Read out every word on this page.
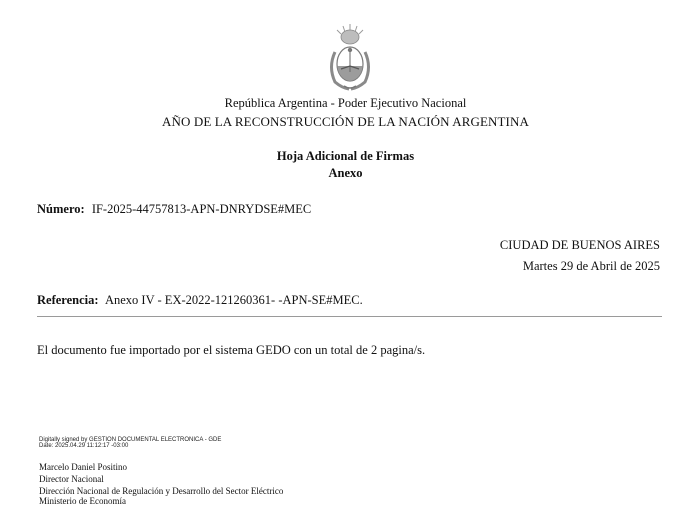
República Argentina - Poder Ejecutivo Nacional
AÑO DE LA RECONSTRUCCIÓN DE LA NACIÓN ARGENTINA
Hoja Adicional de Firmas
Anexo
Número: IF-2025-44757813-APN-DNRYDSE#MEC
CIUDAD DE BUENOS AIRES
Martes 29 de Abril de 2025
Referencia: Anexo IV - EX-2022-121260361- -APN-SE#MEC.
El documento fue importado por el sistema GEDO con un total de 2 pagina/s.
Digitally signed by GESTION DOCUMENTAL ELECTRONICA - GDE
Date: 2025.04.29 11:12:17 -03:00
Marcelo Daniel Positino
Director Nacional
Dirección Nacional de Regulación y Desarrollo del Sector Eléctrico
Ministerio de Economía
